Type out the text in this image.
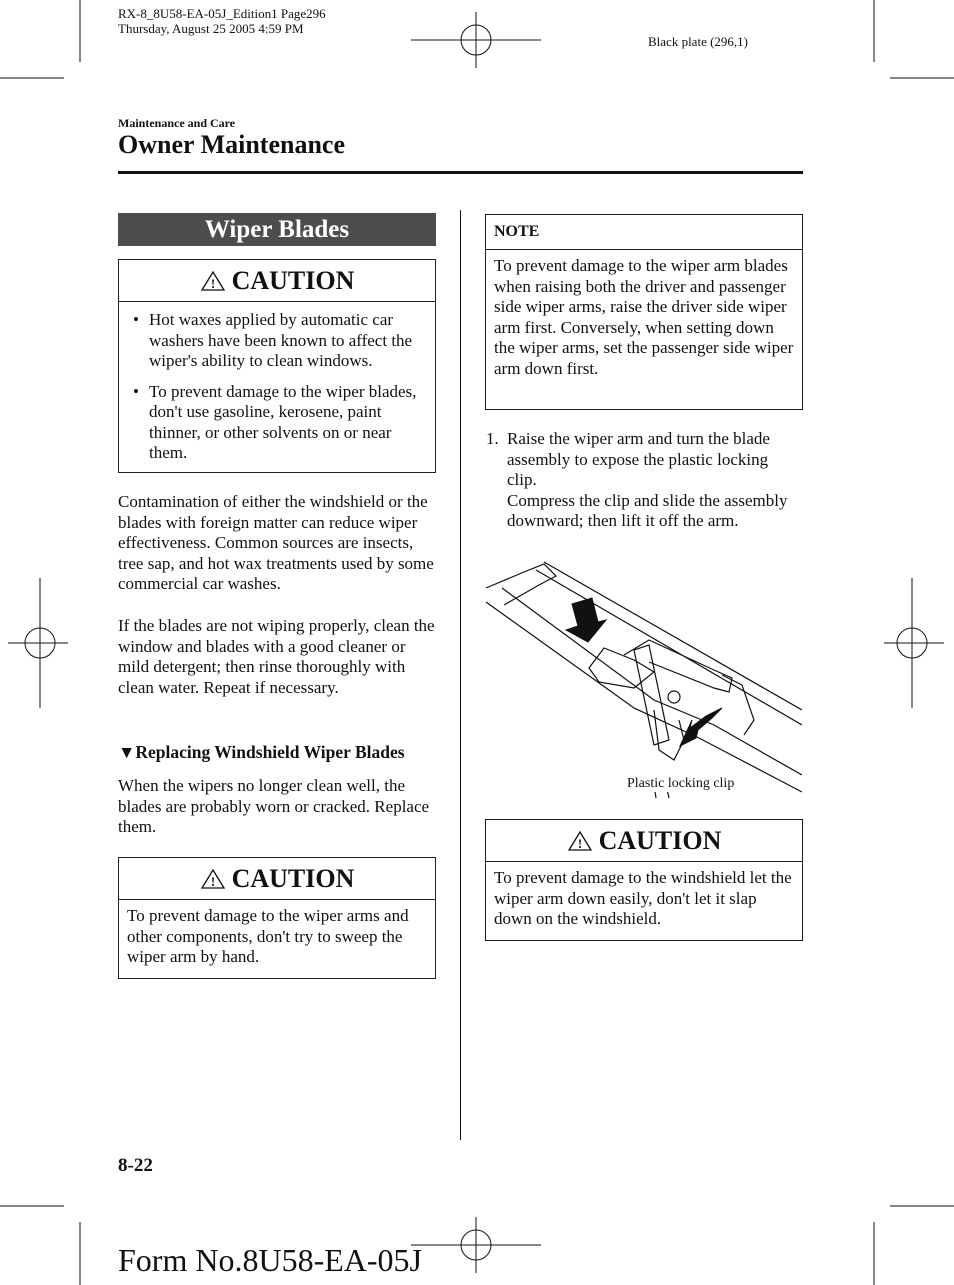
RX-8_8U58-EA-05J_Edition1 Page296
Thursday, August 25 2005 4:59 PM
Black plate (296,1)
Maintenance and Care
Owner Maintenance
Wiper Blades
! CAUTION
• Hot waxes applied by automatic car washers have been known to affect the wiper's ability to clean windows.
• To prevent damage to the wiper blades, don't use gasoline, kerosene, paint thinner, or other solvents on or near them.
Contamination of either the windshield or the blades with foreign matter can reduce wiper effectiveness. Common sources are insects, tree sap, and hot wax treatments used by some commercial car washes.
If the blades are not wiping properly, clean the window and blades with a good cleaner or mild detergent; then rinse thoroughly with clean water. Repeat if necessary.
▼Replacing Windshield Wiper Blades
When the wipers no longer clean well, the blades are probably worn or cracked. Replace them.
! CAUTION
To prevent damage to the wiper arms and other components, don't try to sweep the wiper arm by hand.
NOTE
To prevent damage to the wiper arm blades when raising both the driver and passenger side wiper arms, raise the driver side wiper arm first. Conversely, when setting down the wiper arms, set the passenger side wiper arm down first.
1. Raise the wiper arm and turn the blade assembly to expose the plastic locking clip.
Compress the clip and slide the assembly downward; then lift it off the arm.
Plastic locking clip
! CAUTION
To prevent damage to the windshield let the wiper arm down easily, don't let it slap down on the windshield.
8-22
Form No.8U58-EA-05J
